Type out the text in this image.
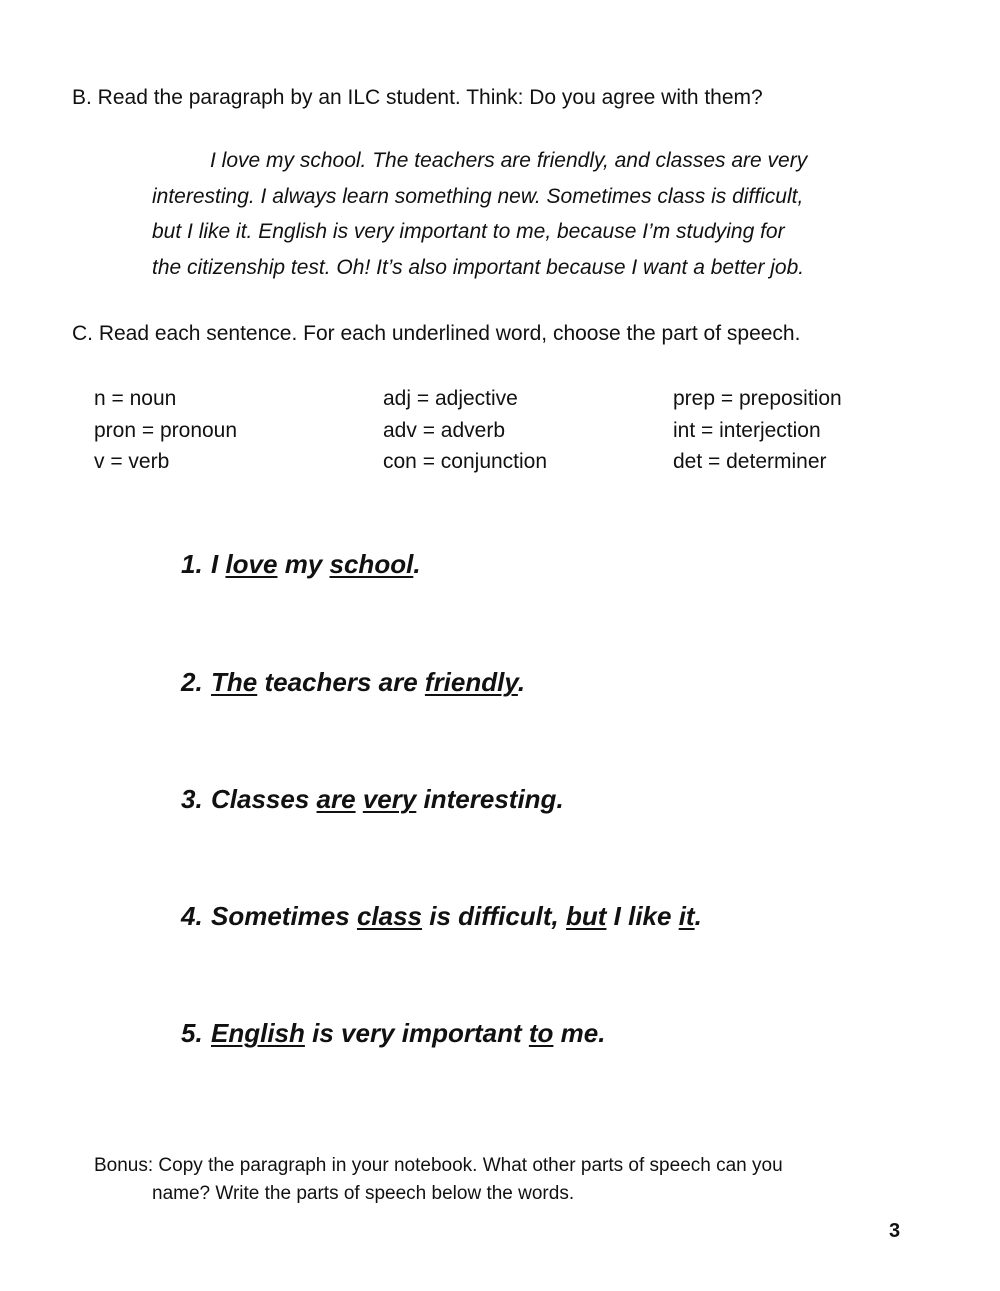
B. Read the paragraph by an ILC student. Think: Do you agree with them?
I love my school. The teachers are friendly, and classes are very
interesting. I always learn something new. Sometimes class is difficult,
but I like it. English is very important to me, because I’m studying for
the citizenship test. Oh! It’s also important because I want a better job.
C. Read each sentence. For each underlined word, choose the part of speech.
n = noun
pron = pronoun
v = verb
adj = adjective
adv = adverb
con = conjunction
prep = preposition
int = interjection
det = determiner
1. I love my school.
2. The teachers are friendly.
3. Classes are very interesting.
4. Sometimes class is difficult, but I like it.
5. English is very important to me.
Bonus: Copy the paragraph in your notebook. What other parts of speech can you
name? Write the parts of speech below the words.
3
